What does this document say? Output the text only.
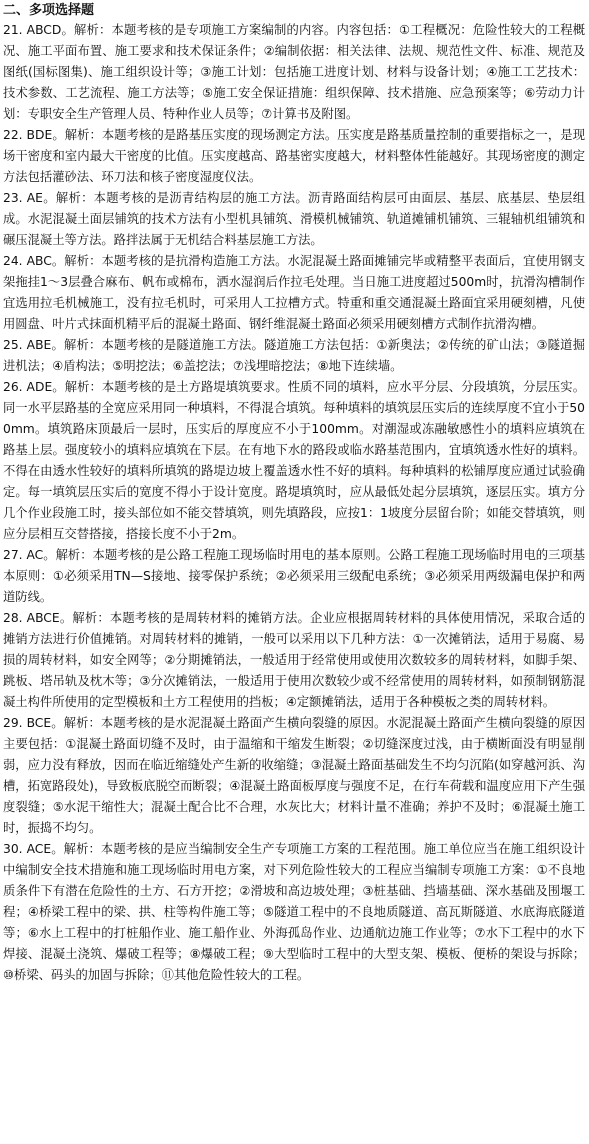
二、多项选择题

21. ABCD。解析：本题考核的是专项施工方案编制的内容。内容包括：①工程概况：危险性较大的工程概况、施工平面布置、施工要求和技术保证条件；②编制依据：相关法律、法规、规范性文件、标准、规范及图纸(国标图集)、施工组织设计等；③施工计划：包括施工进度计划、材料与设备计划；④施工工艺技术：技术参数、工艺流程、施工方法等；⑤施工安全保证措施：组织保障、技术措施、应急预案等；⑥劳动力计划：专职安全生产管理人员、特种作业人员等；⑦计算书及附图。

22. BDE。解析：本题考核的是路基压实度的现场测定方法。压实度是路基质量控制的重要指标之一，是现场干密度和室内最大干密度的比值。压实度越高、路基密实度越大，材料整体性能越好。其现场密度的测定方法包括灌砂法、环刀法和核子密度湿度仪法。

23. AE。解析：本题考核的是沥青结构层的施工方法。沥青路面结构层可由面层、基层、底基层、垫层组成。水泥混凝土面层铺筑的技术方法有小型机具铺筑、滑模机械铺筑、轨道摊铺机铺筑、三辊轴机组铺筑和碾压混凝土等方法。路拌法属于无机结合料基层施工方法。

24. ABC。解析：本题考核的是抗滑构造施工方法。水泥混凝土路面摊铺完毕或精整平表面后，宜使用钢支架拖挂1～3层叠合麻布、帆布或棉布，洒水湿润后作拉毛处理。当日施工进度超过500m时，抗滑沟槽制作宜选用拉毛机械施工，没有拉毛机时，可采用人工拉槽方式。特重和重交通混凝土路面宜采用硬刻槽，凡使用圆盘、叶片式抹面机精平后的混凝土路面、钢纤维混凝土路面必须采用硬刻槽方式制作抗滑沟槽。

25. ABE。解析：本题考核的是隧道施工方法。隧道施工方法包括：①新奥法；②传统的矿山法；③隧道掘进机法；④盾构法；⑤明挖法；⑥盖挖法；⑦浅埋暗挖法；⑧地下连续墙。

26. ADE。解析：本题考核的是土方路堤填筑要求。性质不同的填料，应水平分层、分段填筑，分层压实。同一水平层路基的全宽应采用同一种填料，不得混合填筑。每种填料的填筑层压实后的连续厚度不宜小于500mm。填筑路床顶最后一层时，压实后的厚度应不小于100mm。对潮湿或冻融敏感性小的填料应填筑在路基上层。强度较小的填料应填筑在下层。在有地下水的路段或临水路基范围内，宜填筑透水性好的填料。不得在由透水性较好的填料所填筑的路堤边坡上覆盖透水性不好的填料。每种填料的松铺厚度应通过试验确定。每一填筑层压实后的宽度不得小于设计宽度。路堤填筑时，应从最低处起分层填筑，逐层压实。填方分几个作业段施工时，接头部位如不能交替填筑，则先填路段，应按1：1坡度分层留台阶；如能交替填筑，则应分层相互交替搭接，搭接长度不小于2m。

27. AC。解析：本题考核的是公路工程施工现场临时用电的基本原则。公路工程施工现场临时用电的三项基本原则：①必须采用TN—S接地、接零保护系统；②必须采用三级配电系统；③必须采用两级漏电保护和两道防线。

28. ABCE。解析：本题考核的是周转材料的摊销方法。企业应根据周转材料的具体使用情况，采取合适的摊销方法进行价值摊销。对周转材料的摊销，一般可以采用以下几种方法：①一次摊销法，适用于易腐、易损的周转材料，如安全网等；②分期摊销法，一般适用于经常使用或使用次数较多的周转材料，如脚手架、跳板、塔吊轨及枕木等；③分次摊销法，一般适用于使用次数较少或不经常使用的周转材料，如预制钢筋混凝土构件所使用的定型模板和土方工程使用的挡板；④定额摊销法，适用于各种模板之类的周转材料。

29. BCE。解析：本题考核的是水泥混凝土路面产生横向裂缝的原因。水泥混凝土路面产生横向裂缝的原因主要包括：①混凝土路面切缝不及时，由于温缩和干缩发生断裂；②切缝深度过浅，由于横断面没有明显削弱，应力没有释放，因而在临近缩缝处产生新的收缩缝；③混凝土路面基础发生不均匀沉陷(如穿越河浜、沟槽，拓宽路段处)，导致板底脱空而断裂；④混凝土路面板厚度与强度不足，在行车荷载和温度应用下产生强度裂缝；⑤水泥干缩性大；混凝土配合比不合理，水灰比大；材料计量不准确；养护不及时；⑥混凝土施工时，振捣不均匀。

30. ACE。解析：本题考核的是应当编制安全生产专项施工方案的工程范围。施工单位应当在施工组织设计中编制安全技术措施和施工现场临时用电方案，对下列危险性较大的工程应当编制专项施工方案：①不良地质条件下有潜在危险性的土方、石方开挖；②滑坡和高边坡处理；③桩基础、挡墙基础、深水基础及围堰工程；④桥梁工程中的梁、拱、柱等构件施工等；⑤隧道工程中的不良地质隧道、高瓦斯隧道、水底海底隧道等；⑥水上工程中的打桩船作业、施工船作业、外海孤岛作业、边通航边施工作业等；⑦水下工程中的水下焊接、混凝土浇筑、爆破工程等；⑧爆破工程；⑨大型临时工程中的大型支架、模板、便桥的架设与拆除；⑩桥梁、码头的加固与拆除；⑪其他危险性较大的工程。
